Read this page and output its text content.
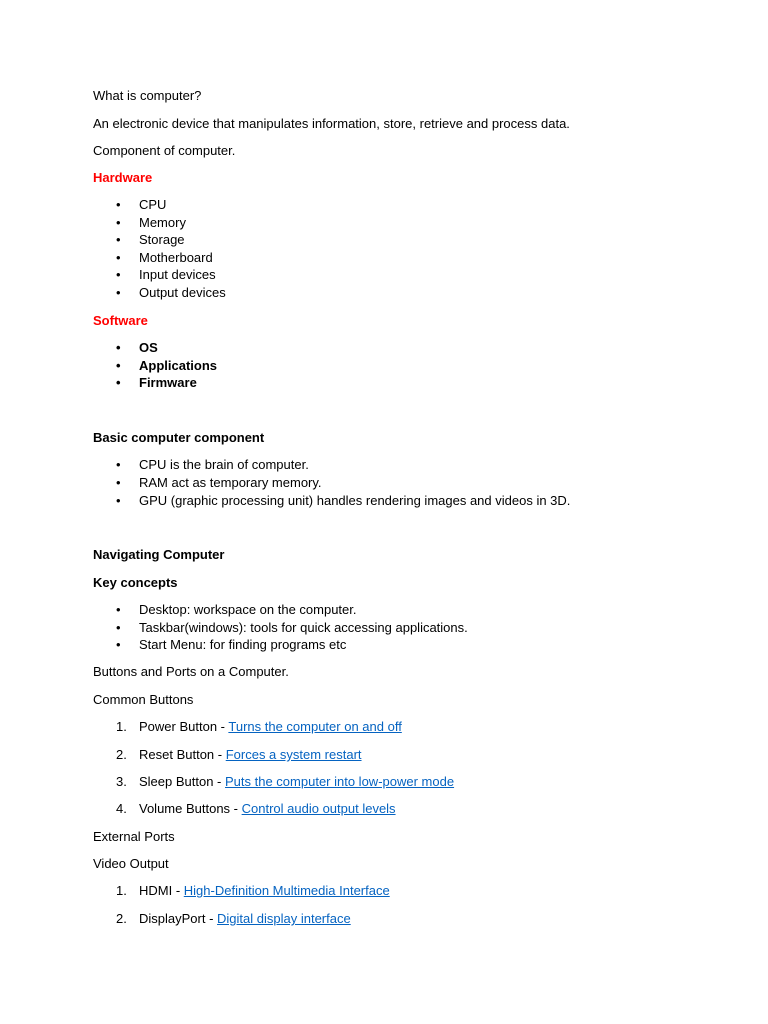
What is computer?
An electronic device that manipulates information, store, retrieve and process data.
Component of computer.
Hardware
•	CPU
•	Memory
•	Storage
•	Motherboard
•	Input devices
•	Output devices
Software
•	OS
•	Applications
•	Firmware
Basic computer component
•	CPU is the brain of computer.
•	RAM act as temporary memory.
•	GPU (graphic processing unit) handles rendering images and videos in 3D.
Navigating Computer
Key concepts
•	Desktop: workspace on the computer.
•	Taskbar(windows): tools for quick accessing applications.
•	Start Menu: for finding programs etc
Buttons and Ports on a Computer.
Common Buttons
1. Power Button - Turns the computer on and off
2. Reset Button - Forces a system restart
3. Sleep Button - Puts the computer into low-power mode
4. Volume Buttons - Control audio output levels
External Ports
Video Output
1. HDMI - High-Definition Multimedia Interface
2. DisplayPort - Digital display interface
